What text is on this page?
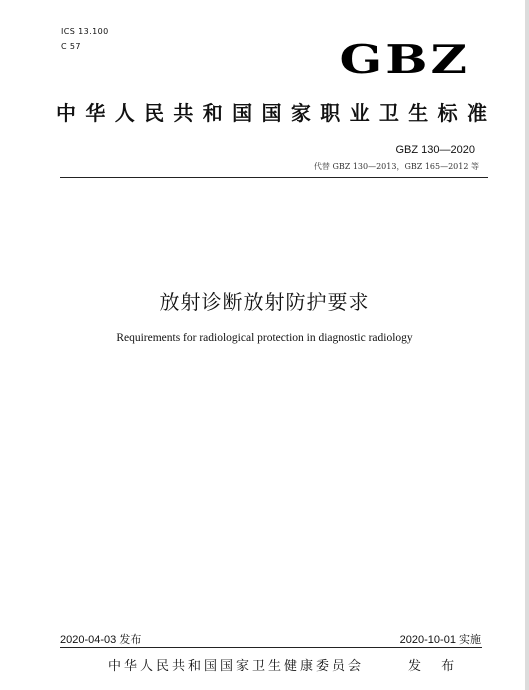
ICS 13.100
C 57	GBZ
中华人民共和国国家职业卫生标准
GBZ 130—2020
代替 GBZ 130—2013，GBZ 165—2012 等
放射诊断放射防护要求
Requirements for radiological protection in diagnostic radiology
2020-04-03 发布	2020-10-01 实施
中华人民共和国国家卫生健康委员会	发 布
